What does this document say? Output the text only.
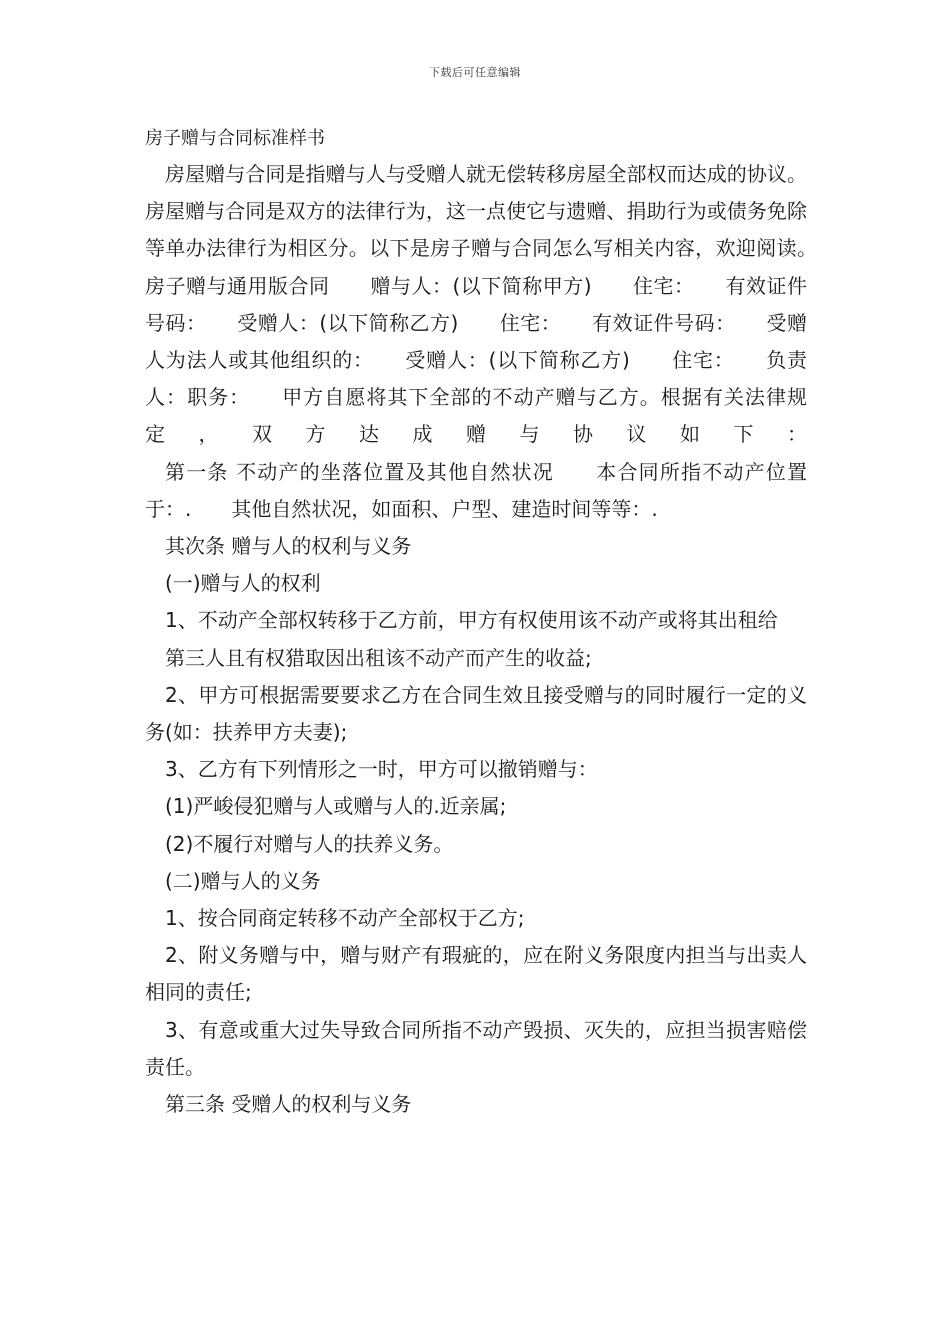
下载后可任意编辑
房子赠与合同标准样书

房屋赠与合同是指赠与人与受赠人就无偿转移房屋全部权而达成的协议。房屋赠与合同是双方的法律行为，这一点使它与遗赠、捐助行为或债务免除等单办法律行为相区分。以下是房子赠与合同怎么写相关内容，欢迎阅读。　　房子赠与通用版合同　　赠与人：(以下简称甲方)　　住宅：　　有效证件号码：　　受赠人：(以下简称乙方)　　住宅：　　有效证件号码：　　受赠人为法人或其他组织的：　　受赠人：(以下简称乙方)　　住宅：　　负责人：职务：　　甲方自愿将其下全部的不动产赠与乙方。根据有关法律规定，双方达成赠与协议如下：

第一条 不动产的坐落位置及其他自然状况　　本合同所指不动产位置于：.　　其他自然状况，如面积、户型、建造时间等等：.

其次条 赠与人的权利与义务

(一)赠与人的权利

1、不动产全部权转移于乙方前，甲方有权使用该不动产或将其出租给

第三人且有权猎取因出租该不动产而产生的收益;

2、甲方可根据需要要求乙方在合同生效且接受赠与的同时履行一定的义务(如：扶养甲方夫妻);

3、乙方有下列情形之一时，甲方可以撤销赠与：

(1)严峻侵犯赠与人或赠与人的.近亲属;

(2)不履行对赠与人的扶养义务。

(二)赠与人的义务

1、按合同商定转移不动产全部权于乙方;

2、附义务赠与中，赠与财产有瑕疵的，应在附义务限度内担当与出卖人相同的责任;

3、有意或重大过失导致合同所指不动产毁损、灭失的，应担当损害赔偿责任。

第三条 受赠人的权利与义务
